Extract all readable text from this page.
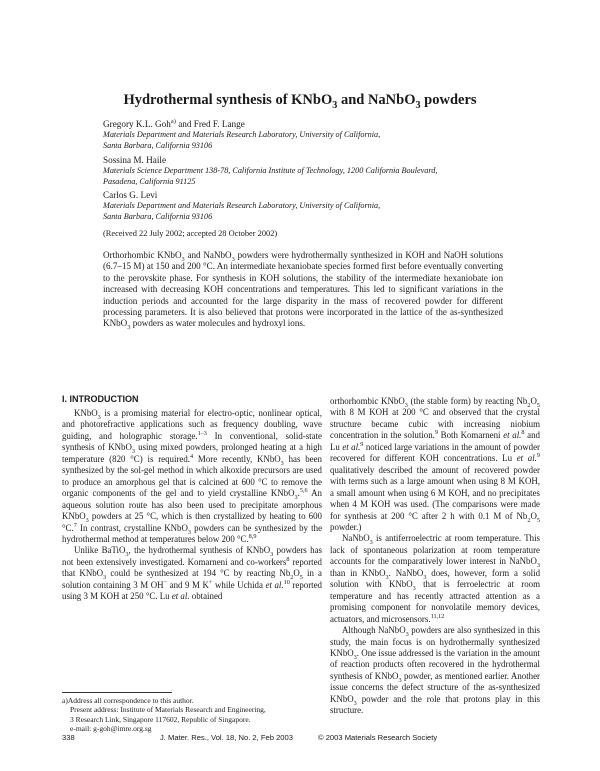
Hydrothermal synthesis of KNbO$_3$ and NaNbO$_3$ powders
Gregory K.L. Goh$^{a)}$ and Fred F. Lange
Materials Department and Materials Research Laboratory, University of California,
Santa Barbara, California 93106
Sossina M. Haile
Materials Science Department 138-78, California Institute of Technology, 1200 California Boulevard,
Pasadena, California 91125
Carlos G. Levi
Materials Department and Materials Research Laboratory, University of California,
Santa Barbara, California 93106
(Received 22 July 2002; accepted 28 October 2002)
Orthorhombic KNbO$_3$ and NaNbO$_3$ powders were hydrothermally synthesized in KOH and NaOH solutions (6.7–15 M) at 150 and 200 °C. An intermediate hexaniobate species formed first before eventually converting to the perovskite phase. For synthesis in KOH solutions, the stability of the intermediate hexaniobate ion increased with decreasing KOH concentrations and temperatures. This led to significant variations in the induction periods and accounted for the large disparity in the mass of recovered powder for different processing parameters. It is also believed that protons were incorporated in the lattice of the as-synthesized KNbO$_3$ powders as water molecules and hydroxyl ions.
I. INTRODUCTION

KNbO$_3$ is a promising material for electro-optic, nonlinear optical, and photorefractive applications such as frequency doubling, wave guiding, and holographic storage.$^{1-3}$ In conventional, solid-state synthesis of KNbO$_3$ using mixed powders, prolonged heating at a high temperature (820 °C) is required.$^4$ More recently, KNbO$_3$ has been synthesized by the sol-gel method in which alkoxide precursors are used to produce an amorphous gel that is calcined at 600 °C to remove the organic components of the gel and to yield crystalline KNbO$_3$.$^{5,6}$ An aqueous solution route has also been used to precipitate amorphous KNbO$_3$ powders at 25 °C, which is then crystallized by heating to 600 °C.$^7$ In contrast, crystalline KNbO$_3$ powders can be synthesized by the hydrothermal method at temperatures below 200 °C.$^{8,9}$

Unlike BaTiO$_3$, the hydrothermal synthesis of KNbO$_3$ powders has not been extensively investigated. Komarneni and co-workers$^8$ reported that KNbO$_3$ could be synthesized at 194 °C by reacting $Nb_2O_5$ in a solution containing 3 M OH− and 9 M K+ while Uchida et al.$^{10}$ reported using 3 M KOH at 250 °C. Lu et al. obtained

orthorhombic KNbO$_3$ (the stable form) by reacting $Nb_2O_5$ with 8 M KOH at 200 °C and observed that the crystal structure became cubic with increasing niobium concentration in the solution.$^9$ Both Komarneni et al.$^8$ and Lu et al.$^9$ noticed large variations in the amount of powder recovered for different KOH concentrations. Lu et al.$^9$ qualitatively described the amount of recovered powder with terms such as a large amount when using 8 M KOH, a small amount when using 6 M KOH, and no precipitates when 4 M KOH was used. (The comparisons were made for synthesis at 200 °C after 2 h with 0.1 M of $Nb_2O_5$ powder.)

NaNbO$_3$ is antiferroelectric at room temperature. This lack of spontaneous polarization at room temperature accounts for the comparatively lower interest in NaNbO$_3$ than in KNbO$_3$. NaNbO$_3$ does, however, form a solid solution with KNbO$_3$ that is ferroelectric at room temperature and has recently attracted attention as a promising component for nonvolatile memory devices, actuators, and microsensors.$^{11,12}$

Although NaNbO$_3$ powders are also synthesized in this study, the main focus is on hydrothermally synthesized KNbO$_3$. One issue addressed is the variation in the amount of reaction products often recovered in the hydrothermal synthesis of KNbO$_3$ powder, as mentioned earlier. Another issue concerns the defect structure of the as-synthesized KNbO$_3$ powder and the role that protons play in this structure.

a)Address all correspondence to this author.
Present address: Institute of Materials Research and Engineering,
3 Research Link, Singapore 117602, Republic of Singapore.
e-mail: g-goh@imre.org.sg
338	J. Mater. Res., Vol. 18, No. 2, Feb 2003	© 2003 Materials Research Society
